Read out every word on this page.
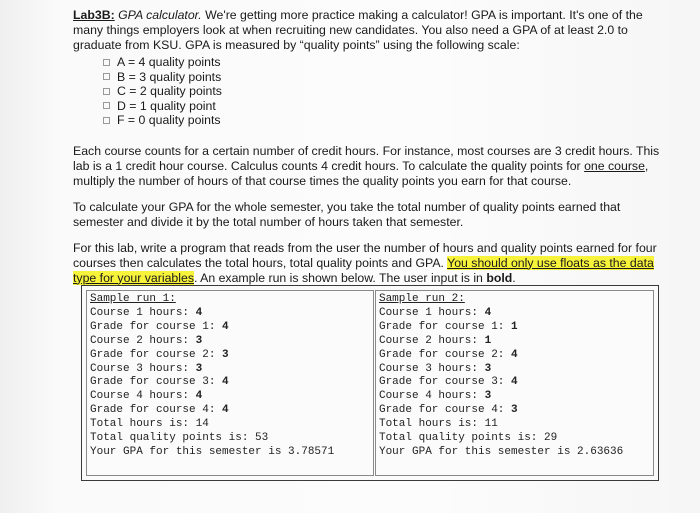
Lab3B: GPA calculator. We're getting more practice making a calculator! GPA is important. It's one of the many things employers look at when recruiting new candidates. You also need a GPA of at least 2.0 to graduate from KSU. GPA is measured by “quality points” using the following scale:

A = 4 quality points
B = 3 quality points
C = 2 quality points
D = 1 quality point
F = 0 quality points

Each course counts for a certain number of credit hours. For instance, most courses are 3 credit hours. This lab is a 1 credit hour course. Calculus counts 4 credit hours. To calculate the quality points for one course, multiply the number of hours of that course times the quality points you earn for that course.

To calculate your GPA for the whole semester, you take the total number of quality points earned that semester and divide it by the total number of hours taken that semester.

For this lab, write a program that reads from the user the number of hours and quality points earned for four courses then calculates the total hours, total quality points and GPA. You should only use floats as the data type for your variables. An example run is shown below. The user input is in bold.

Sample run 1:
Course 1 hours: 4
Grade for course 1: 4
Course 2 hours: 3
Grade for course 2: 3
Course 3 hours: 3
Grade for course 3: 4
Course 4 hours: 4
Grade for course 4: 4
Total hours is: 14
Total quality points is: 53
Your GPA for this semester is 3.78571
Sample run 2:
Course 1 hours: 4
Grade for course 1: 1
Course 2 hours: 1
Grade for course 2: 4
Course 3 hours: 3
Grade for course 3: 4
Course 4 hours: 3
Grade for course 4: 3
Total hours is: 11
Total quality points is: 29
Your GPA for this semester is 2.63636
